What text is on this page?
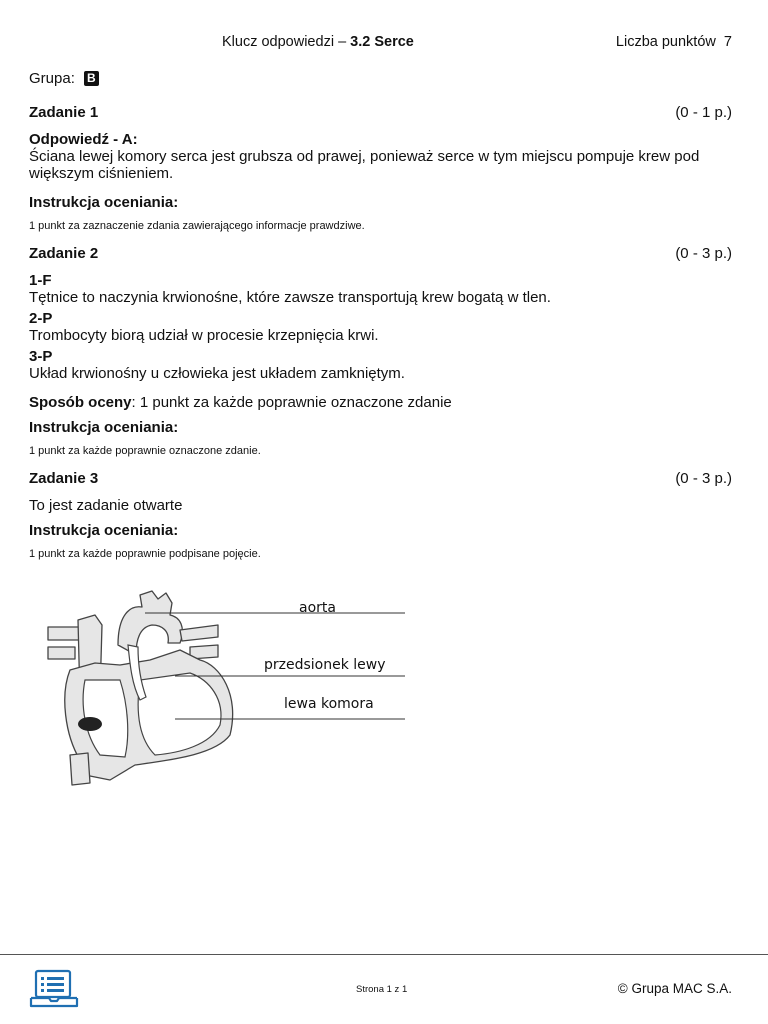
Klucz odpowiedzi – 3.2 Serce	Liczba punktów  7
Grupa: B
Zadanie 1	(0 - 1 p.)
Odpowiedź - A:
Ściana lewej komory serca jest grubsza od prawej, ponieważ serce w tym miejscu pompuje krew pod większym ciśnieniem.
Instrukcja oceniania:
1 punkt za zaznaczenie zdania zawierającego informacje prawdziwe.
Zadanie 2	(0 - 3 p.)
1-F
Tętnice to naczynia krwionośne, które zawsze transportują krew bogatą w tlen.
2-P
Trombocyty biorą udział w procesie krzepnięcia krwi.
3-P
Układ krwionośny u człowieka jest układem zamkniętym.
Sposób oceny: 1 punkt za każde poprawnie oznaczone zdanie
Instrukcja oceniania:
1 punkt za każde poprawnie oznaczone zdanie.
Zadanie 3	(0 - 3 p.)
To jest zadanie otwarte
Instrukcja oceniania:
1 punkt za każde poprawnie podpisane pojęcie.
aorta
przedsionek lewy
lewa komora
Strona 1 z 1	© Grupa MAC S.A.
